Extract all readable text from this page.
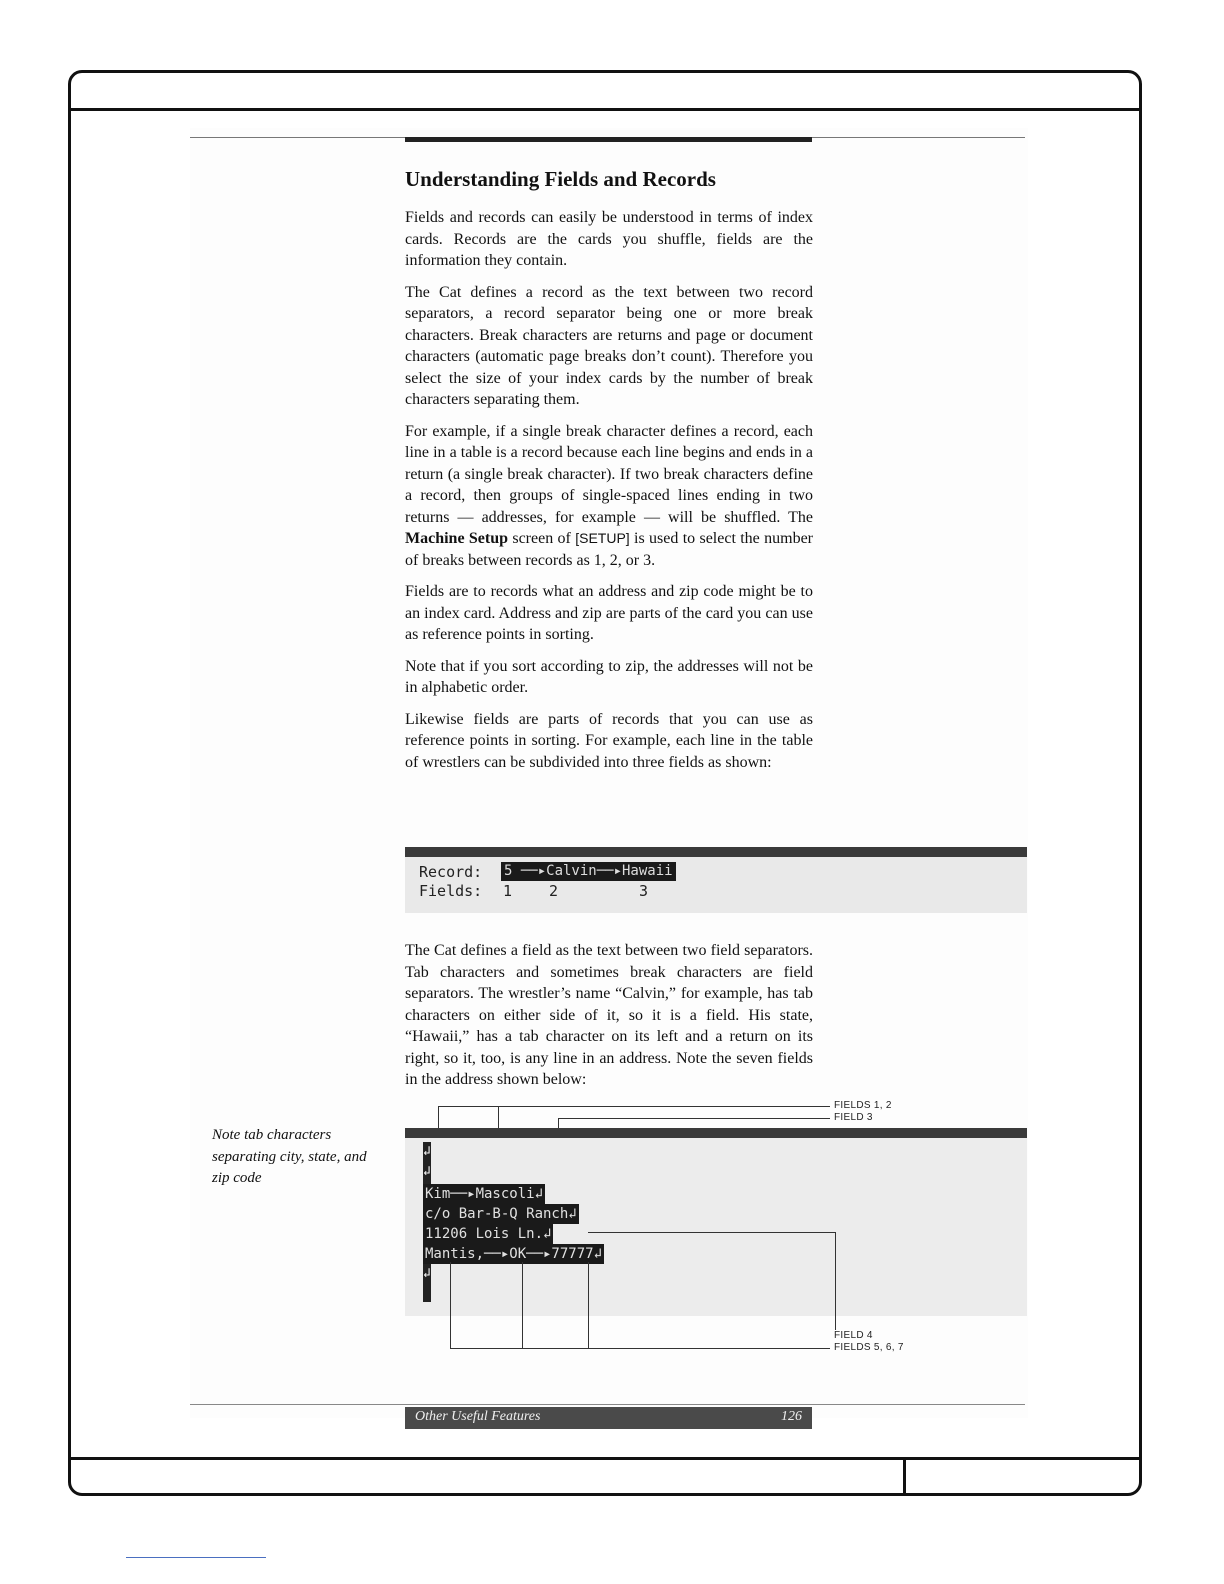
Understanding Fields and Records

Fields and records can easily be understood in terms of index cards. Records are the cards you shuffle, fields are the information they contain.

The Cat defines a record as the text between two record separators, a record separator being one or more break characters. Break characters are returns and page or document characters (automatic page breaks don’t count). Therefore you select the size of your index cards by the number of break characters separating them.

For example, if a single break character defines a record, each line in a table is a record because each line begins and ends in a return (a single break character). If two break characters define a record, then groups of single-spaced lines ending in two returns — addresses, for example — will be shuffled. The Machine Setup screen of [SETUP] is used to select the number of breaks between records as 1, 2, or 3.

Fields are to records what an address and zip code might be to an index card. Address and zip are parts of the card you can use as reference points in sorting.

Note that if you sort according to zip, the addresses will not be in alphabetic order.

Likewise fields are parts of records that you can use as reference points in sorting. For example, each line in the table of wrestlers can be subdivided into three fields as shown:

Record: 5 ──▸Calvin──▸Hawaii
Fields: 1 2	3

The Cat defines a field as the text between two field separators. Tab characters and sometimes break characters are field separators. The wrestler’s name “Calvin,” for example, has tab characters on either side of it, so it is a field. His state, “Hawaii,” has a tab character on its left and a return on its right, so it, too, is any line in an address. Note the seven fields in the address shown below:

FIELDS 1, 2
FIELD 3
↲
↲
Kim──▸Mascoli↲
c/o Bar-B-Q Ranch↲
11206 Lois Ln.↲
Mantis,──▸OK──▸77777↲
↲
FIELD 4
FIELDS 5, 6, 7
Note tab characters separating city, state, and zip code
Other Useful Features	126
